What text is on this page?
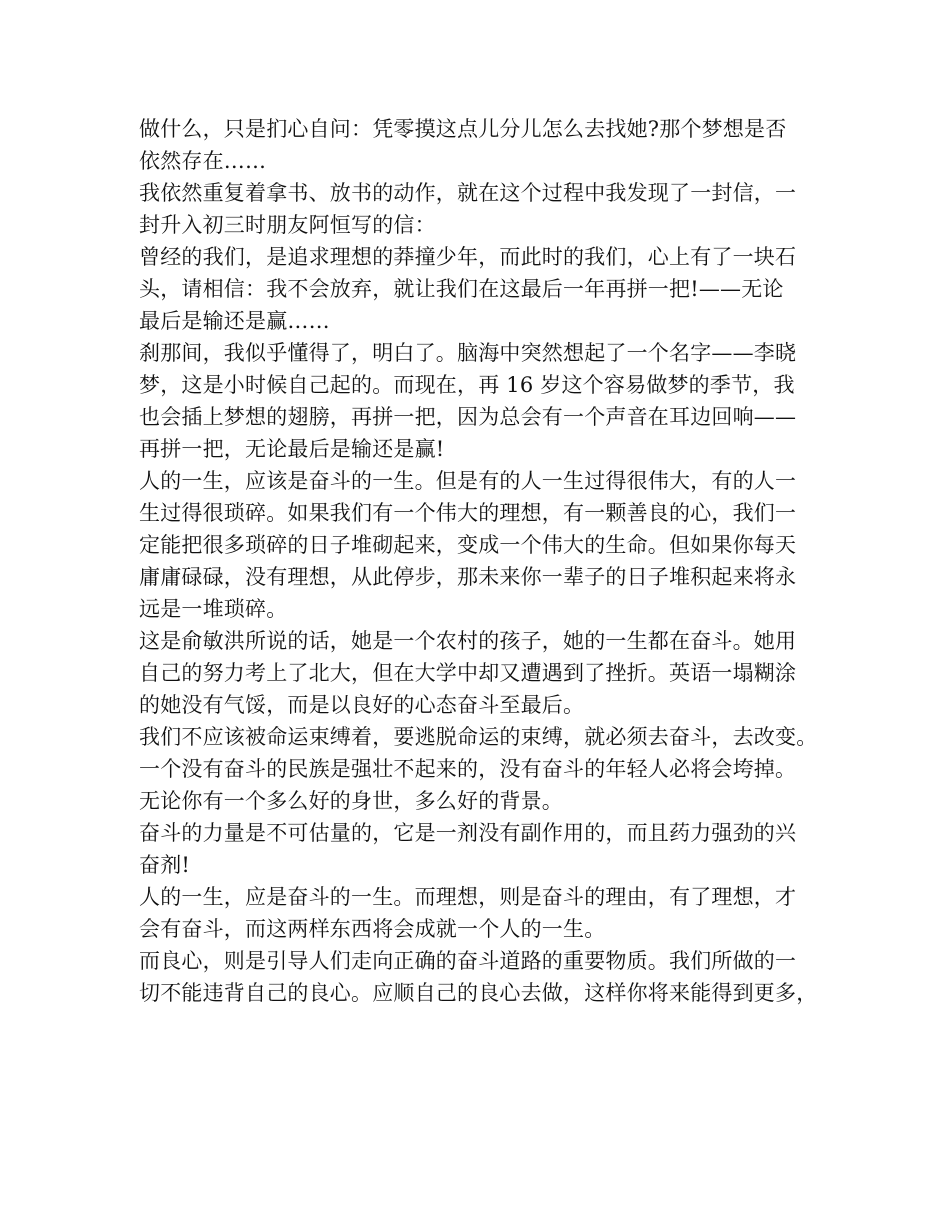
做什么，只是扪心自问：凭零摸这点儿分儿怎么去找她?那个梦想是否
依然存在……
我依然重复着拿书、放书的动作，就在这个过程中我发现了一封信，一
封升入初三时朋友阿恒写的信：
曾经的我们，是追求理想的莽撞少年，而此时的我们，心上有了一块石
头，请相信：我不会放弃，就让我们在这最后一年再拼一把!——无论
最后是输还是赢……
刹那间，我似乎懂得了，明白了。脑海中突然想起了一个名字——李晓
梦，这是小时候自己起的。而现在，再 16 岁这个容易做梦的季节，我
也会插上梦想的翅膀，再拼一把，因为总会有一个声音在耳边回响——
再拼一把，无论最后是输还是赢!
人的一生，应该是奋斗的一生。但是有的人一生过得很伟大，有的人一
生过得很琐碎。如果我们有一个伟大的理想，有一颗善良的心，我们一
定能把很多琐碎的日子堆砌起来，变成一个伟大的生命。但如果你每天
庸庸碌碌，没有理想，从此停步，那未来你一辈子的日子堆积起来将永
远是一堆琐碎。
这是俞敏洪所说的话，她是一个农村的孩子，她的一生都在奋斗。她用
自己的努力考上了北大，但在大学中却又遭遇到了挫折。英语一塌糊涂
的她没有气馁，而是以良好的心态奋斗至最后。
我们不应该被命运束缚着，要逃脱命运的束缚，就必须去奋斗，去改变。
一个没有奋斗的民族是强壮不起来的，没有奋斗的年轻人必将会垮掉。
无论你有一个多么好的身世，多么好的背景。
奋斗的力量是不可估量的，它是一剂没有副作用的，而且药力强劲的兴
奋剂!
人的一生，应是奋斗的一生。而理想，则是奋斗的理由，有了理想，才
会有奋斗，而这两样东西将会成就一个人的一生。
而良心，则是引导人们走向正确的奋斗道路的重要物质。我们所做的一
切不能违背自己的良心。应顺自己的良心去做，这样你将来能得到更多，
